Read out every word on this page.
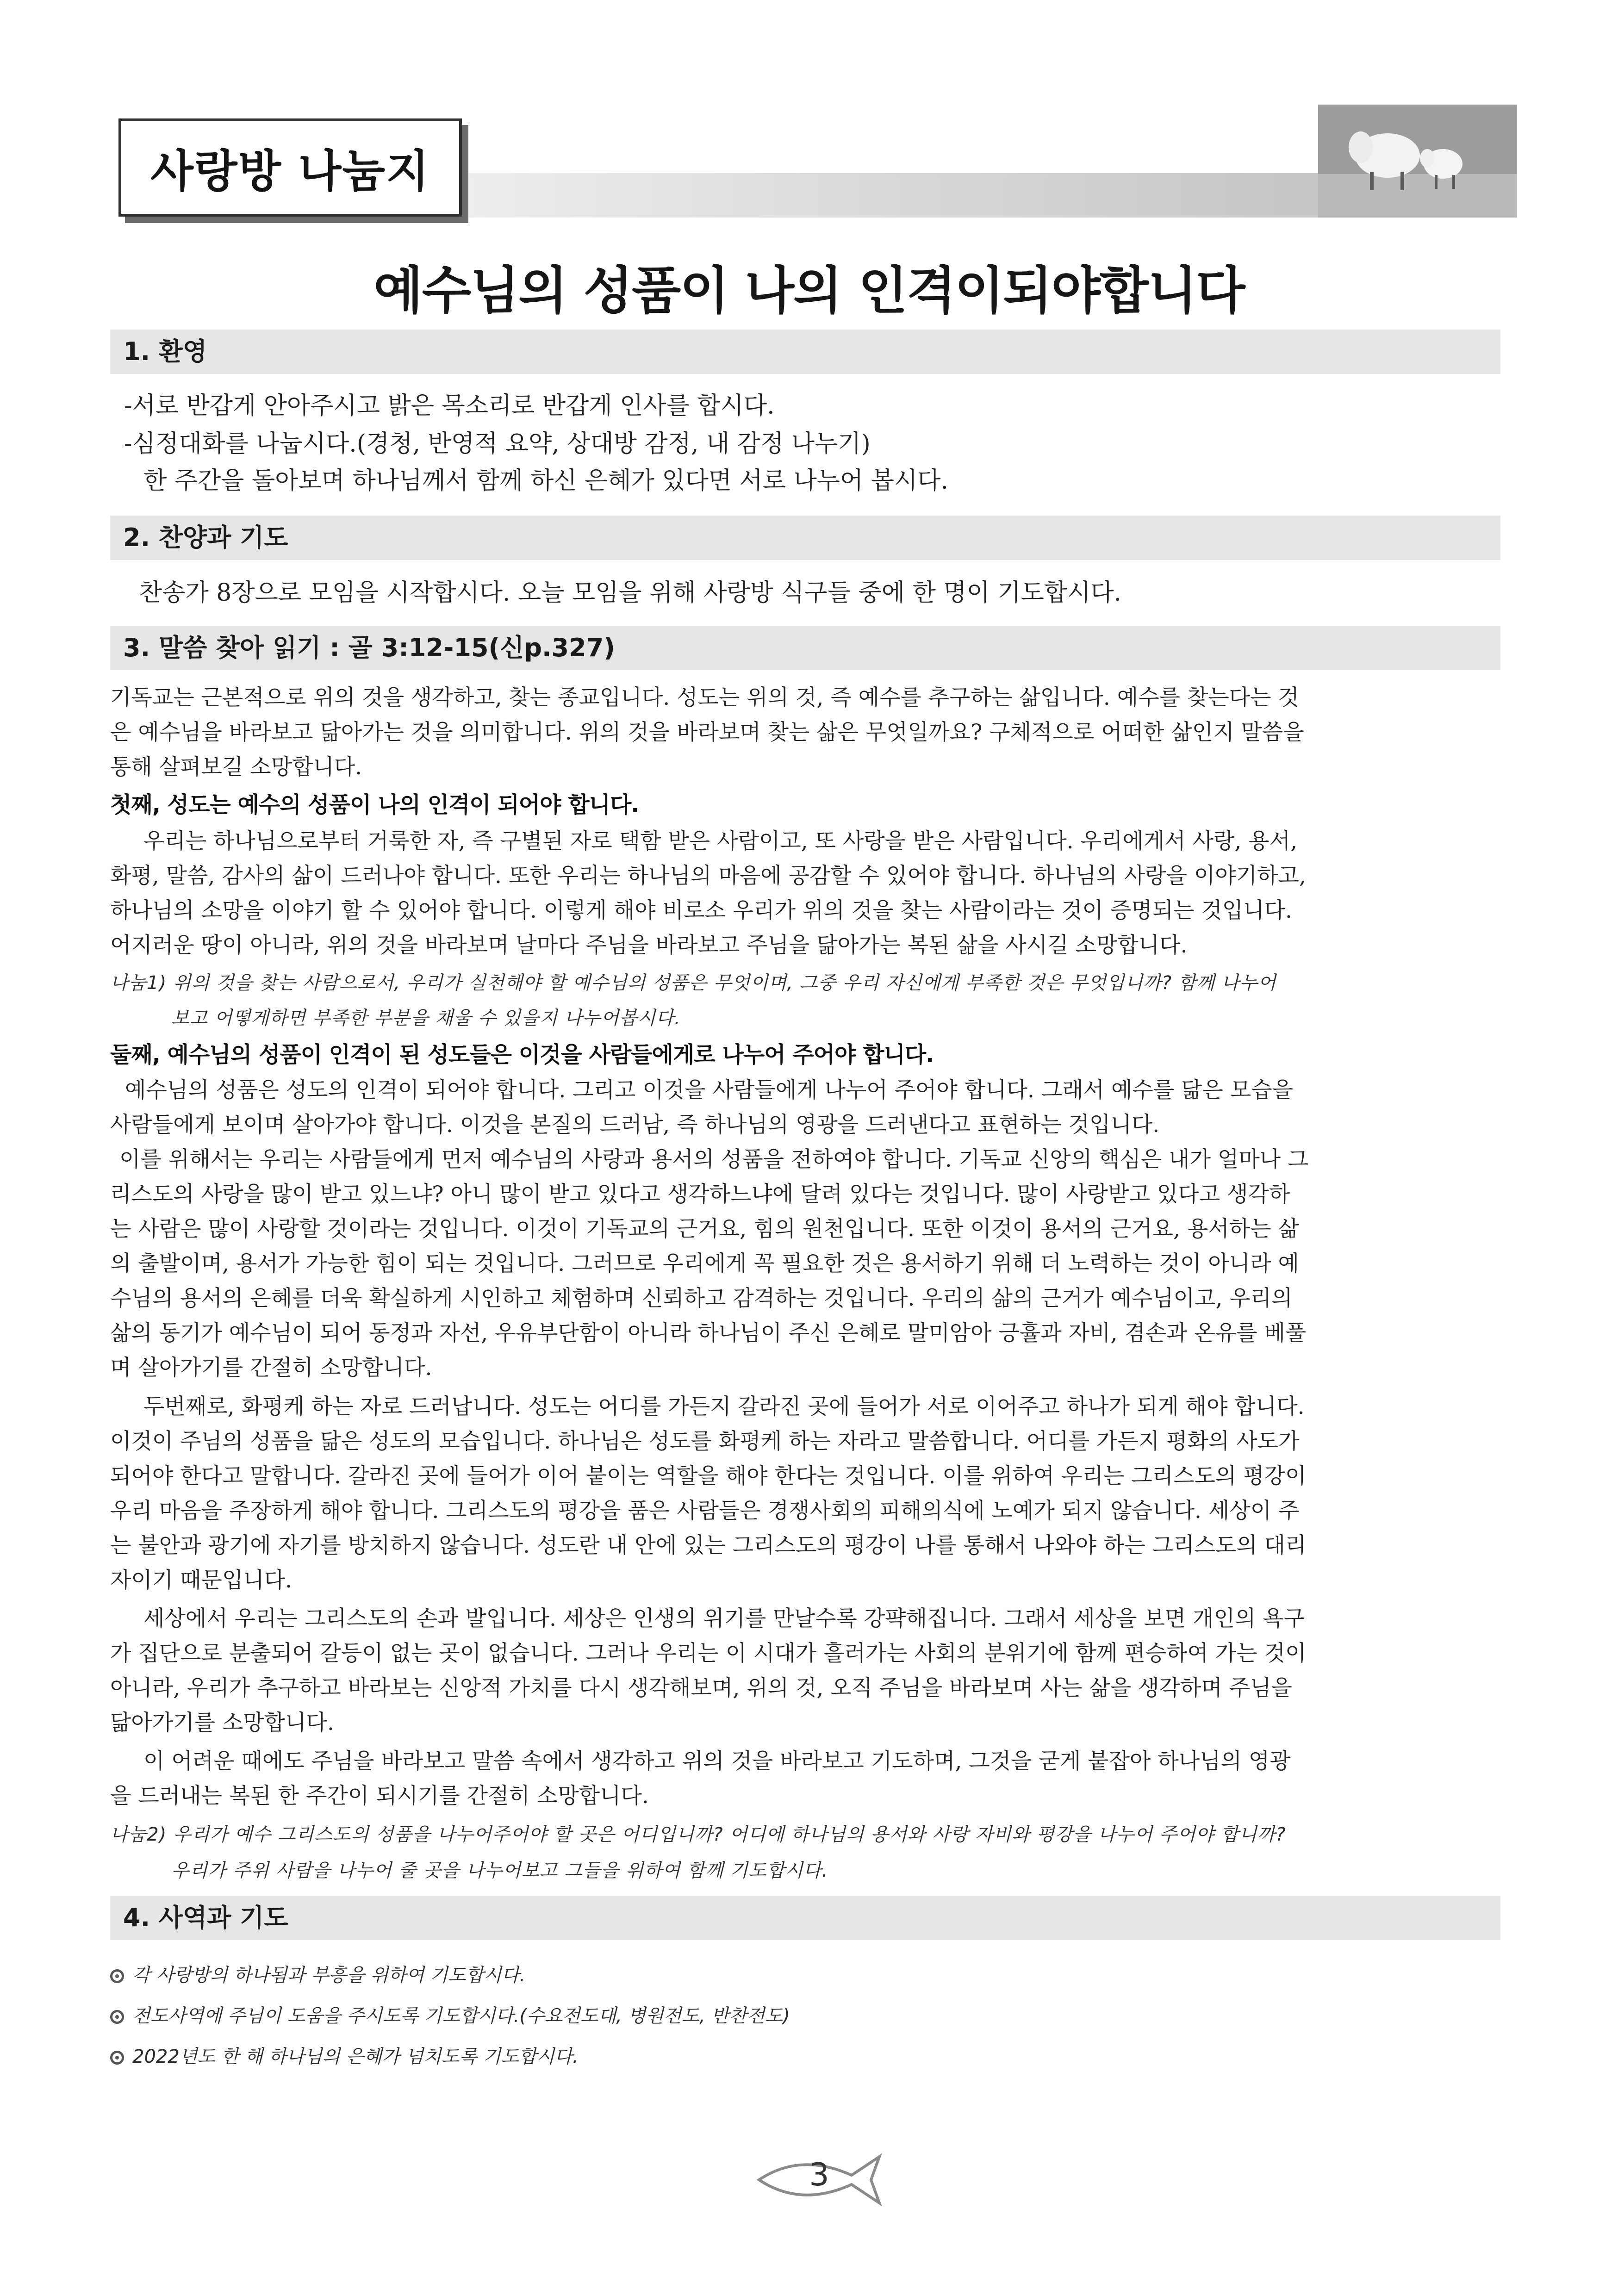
사랑방 나눔지
예수님의 성품이 나의 인격이되야합니다
1. 환영
-서로 반갑게 안아주시고 밝은 목소리로 반갑게 인사를 합시다.
-심정대화를 나눕시다.(경청, 반영적 요약, 상대방 감정, 내 감정 나누기)
한 주간을 돌아보며 하나님께서 함께 하신 은혜가 있다면 서로 나누어 봅시다.
2. 찬양과 기도
찬송가 8장으로 모임을 시작합시다. 오늘 모임을 위해 사랑방 식구들 중에 한 명이 기도합시다.
3. 말씀 찾아 읽기 : 골 3:12-15(신p.327)
기독교는 근본적으로 위의 것을 생각하고, 찾는 종교입니다. 성도는 위의 것, 즉 예수를 추구하는 삶입니다. 예수를 찾는다는 것
은 예수님을 바라보고 닮아가는 것을 의미합니다. 위의 것을 바라보며 찾는 삶은 무엇일까요? 구체적으로 어떠한 삶인지 말씀을
통해 살펴보길 소망합니다.
첫째, 성도는 예수의 성품이 나의 인격이 되어야 합니다.
우리는 하나님으로부터 거룩한 자, 즉 구별된 자로 택함 받은 사람이고, 또 사랑을 받은 사람입니다. 우리에게서 사랑, 용서,
화평, 말씀, 감사의 삶이 드러나야 합니다. 또한 우리는 하나님의 마음에 공감할 수 있어야 합니다. 하나님의 사랑을 이야기하고,
하나님의 소망을 이야기 할 수 있어야 합니다. 이렇게 해야 비로소 우리가 위의 것을 찾는 사람이라는 것이 증명되는 것입니다.
어지러운 땅이 아니라, 위의 것을 바라보며 날마다 주님을 바라보고 주님을 닮아가는 복된 삶을 사시길 소망합니다.
나눔1) 위의 것을 찾는 사람으로서, 우리가 실천해야 할 예수님의 성품은 무엇이며, 그중 우리 자신에게 부족한 것은 무엇입니까? 함께 나누어
보고 어떻게하면 부족한 부분을 채울 수 있을지 나누어봅시다.
둘째, 예수님의 성품이 인격이 된 성도들은 이것을 사람들에게로 나누어 주어야 합니다.
예수님의 성품은 성도의 인격이 되어야 합니다. 그리고 이것을 사람들에게 나누어 주어야 합니다. 그래서 예수를 닮은 모습을
사람들에게 보이며 살아가야 합니다. 이것을 본질의 드러남, 즉 하나님의 영광을 드러낸다고 표현하는 것입니다.
이를 위해서는 우리는 사람들에게 먼저 예수님의 사랑과 용서의 성품을 전하여야 합니다. 기독교 신앙의 핵심은 내가 얼마나 그
리스도의 사랑을 많이 받고 있느냐? 아니 많이 받고 있다고 생각하느냐에 달려 있다는 것입니다. 많이 사랑받고 있다고 생각하
는 사람은 많이 사랑할 것이라는 것입니다. 이것이 기독교의 근거요, 힘의 원천입니다. 또한 이것이 용서의 근거요, 용서하는 삶
의 출발이며, 용서가 가능한 힘이 되는 것입니다. 그러므로 우리에게 꼭 필요한 것은 용서하기 위해 더 노력하는 것이 아니라 예
수님의 용서의 은혜를 더욱 확실하게 시인하고 체험하며 신뢰하고 감격하는 것입니다. 우리의 삶의 근거가 예수님이고, 우리의
삶의 동기가 예수님이 되어 동정과 자선, 우유부단함이 아니라 하나님이 주신 은혜로 말미암아 긍휼과 자비, 겸손과 온유를 베풀
며 살아가기를 간절히 소망합니다.
두번째로, 화평케 하는 자로 드러납니다. 성도는 어디를 가든지 갈라진 곳에 들어가 서로 이어주고 하나가 되게 해야 합니다.
이것이 주님의 성품을 닮은 성도의 모습입니다. 하나님은 성도를 화평케 하는 자라고 말씀합니다. 어디를 가든지 평화의 사도가
되어야 한다고 말합니다. 갈라진 곳에 들어가 이어 붙이는 역할을 해야 한다는 것입니다. 이를 위하여 우리는 그리스도의 평강이
우리 마음을 주장하게 해야 합니다. 그리스도의 평강을 품은 사람들은 경쟁사회의 피해의식에 노예가 되지 않습니다. 세상이 주
는 불안과 광기에 자기를 방치하지 않습니다. 성도란 내 안에 있는 그리스도의 평강이 나를 통해서 나와야 하는 그리스도의 대리
자이기 때문입니다.
세상에서 우리는 그리스도의 손과 발입니다. 세상은 인생의 위기를 만날수록 강퍅해집니다. 그래서 세상을 보면 개인의 욕구
가 집단으로 분출되어 갈등이 없는 곳이 없습니다. 그러나 우리는 이 시대가 흘러가는 사회의 분위기에 함께 편승하여 가는 것이
아니라, 우리가 추구하고 바라보는 신앙적 가치를 다시 생각해보며, 위의 것, 오직 주님을 바라보며 사는 삶을 생각하며 주님을
닮아가기를 소망합니다.
이 어려운 때에도 주님을 바라보고 말씀 속에서 생각하고 위의 것을 바라보고 기도하며, 그것을 굳게 붙잡아 하나님의 영광
을 드러내는 복된 한 주간이 되시기를 간절히 소망합니다.
나눔2) 우리가 예수 그리스도의 성품을 나누어주어야 할 곳은 어디입니까? 어디에 하나님의 용서와 사랑 자비와 평강을 나누어 주어야 합니까?
우리가 주위 사람을 나누어 줄 곳을 나누어보고 그들을 위하여 함께 기도합시다.
4. 사역과 기도
각 사랑방의 하나됨과 부흥을 위하여 기도합시다.
전도사역에 주님이 도움을 주시도록 기도합시다.(수요전도대, 병원전도, 반찬전도)
2022년도 한 해 하나님의 은혜가 넘치도록 기도합시다.
3
